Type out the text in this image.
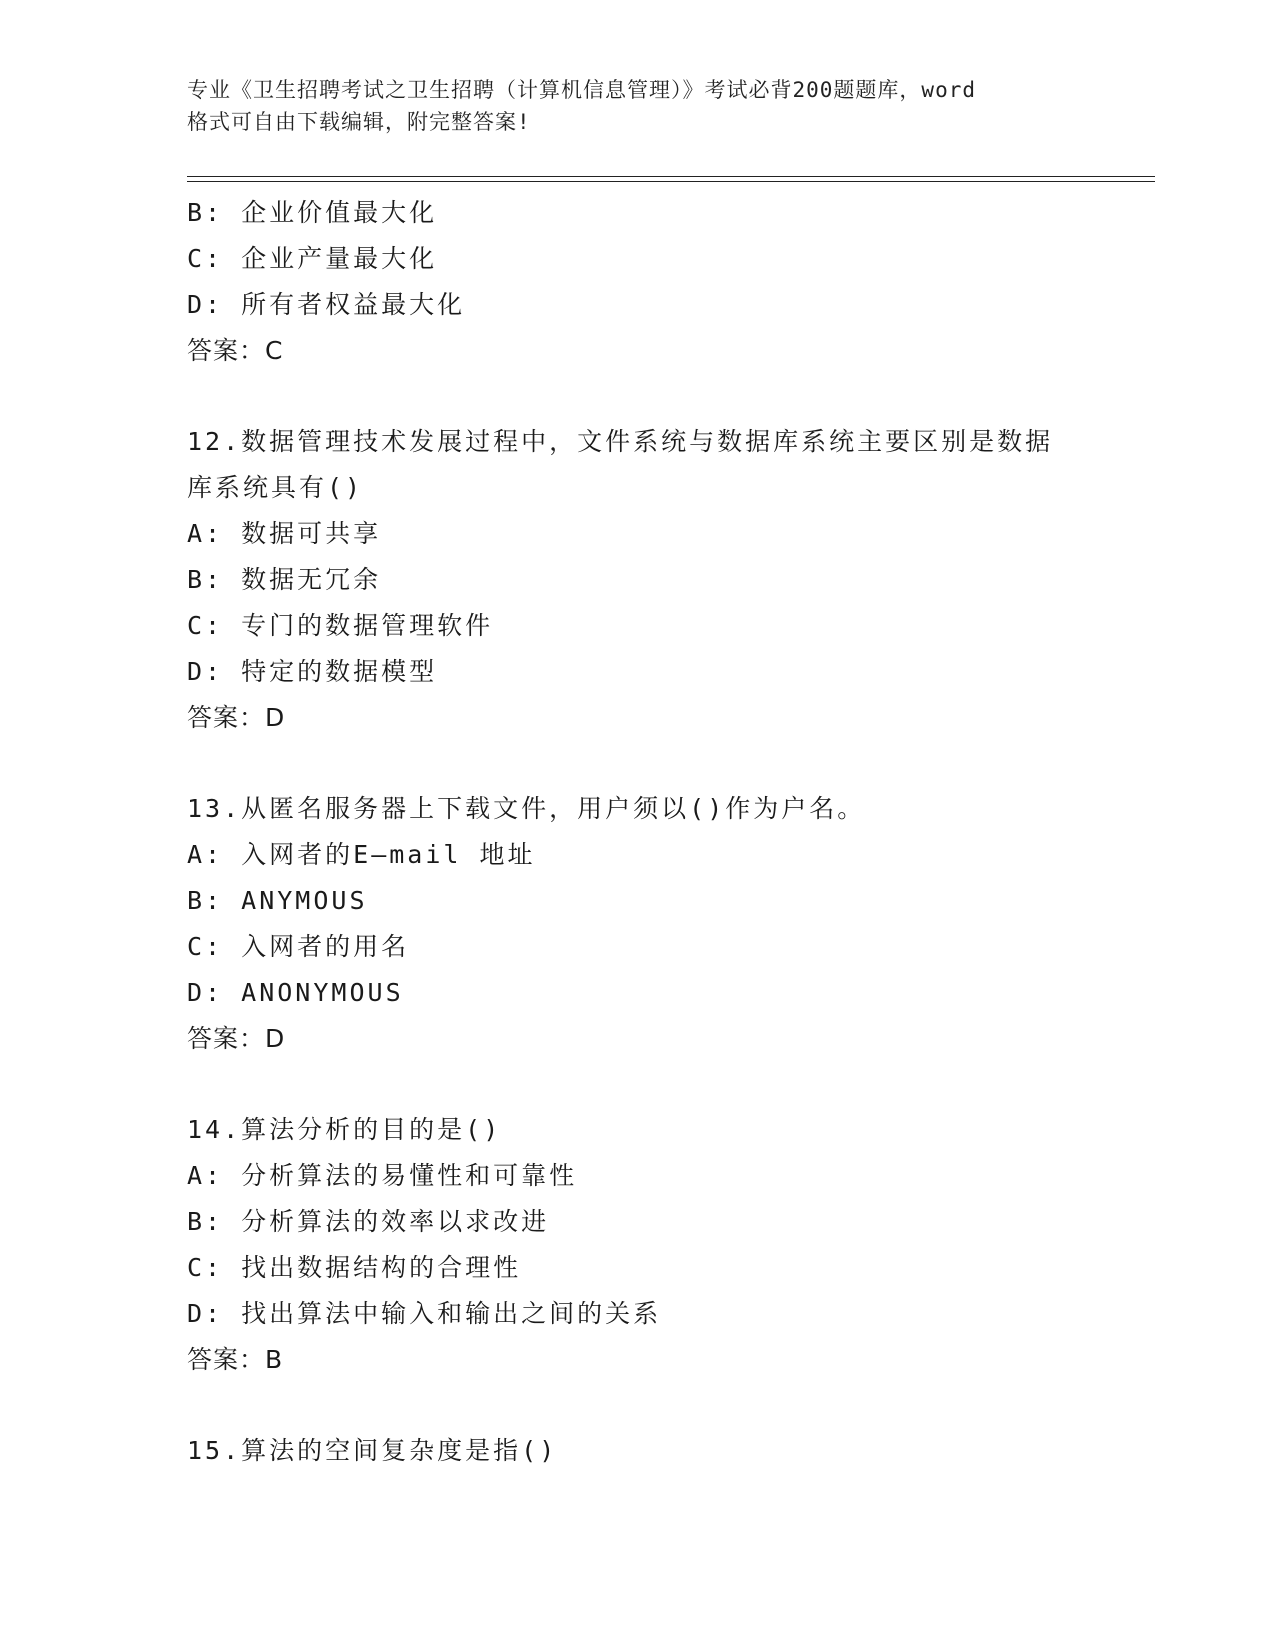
专业《卫生招聘考试之卫生招聘（计算机信息管理）》考试必背200题题库，word
格式可自由下载编辑，附完整答案!
B: 企业价值最大化
C: 企业产量最大化
D: 所有者权益最大化
答案：C
12.数据管理技术发展过程中，文件系统与数据库系统主要区别是数据
库系统具有()
A: 数据可共享
B: 数据无冗余
C: 专门的数据管理软件
D: 特定的数据模型
答案：D
13.从匿名服务器上下载文件，用户须以()作为户名。
A: 入网者的E—mail 地址
B: ANYMOUS
C: 入网者的用名
D: ANONYMOUS
答案：D
14.算法分析的目的是()
A: 分析算法的易懂性和可靠性
B: 分析算法的效率以求改进
C: 找出数据结构的合理性
D: 找出算法中输入和输出之间的关系
答案：B
15.算法的空间复杂度是指()
